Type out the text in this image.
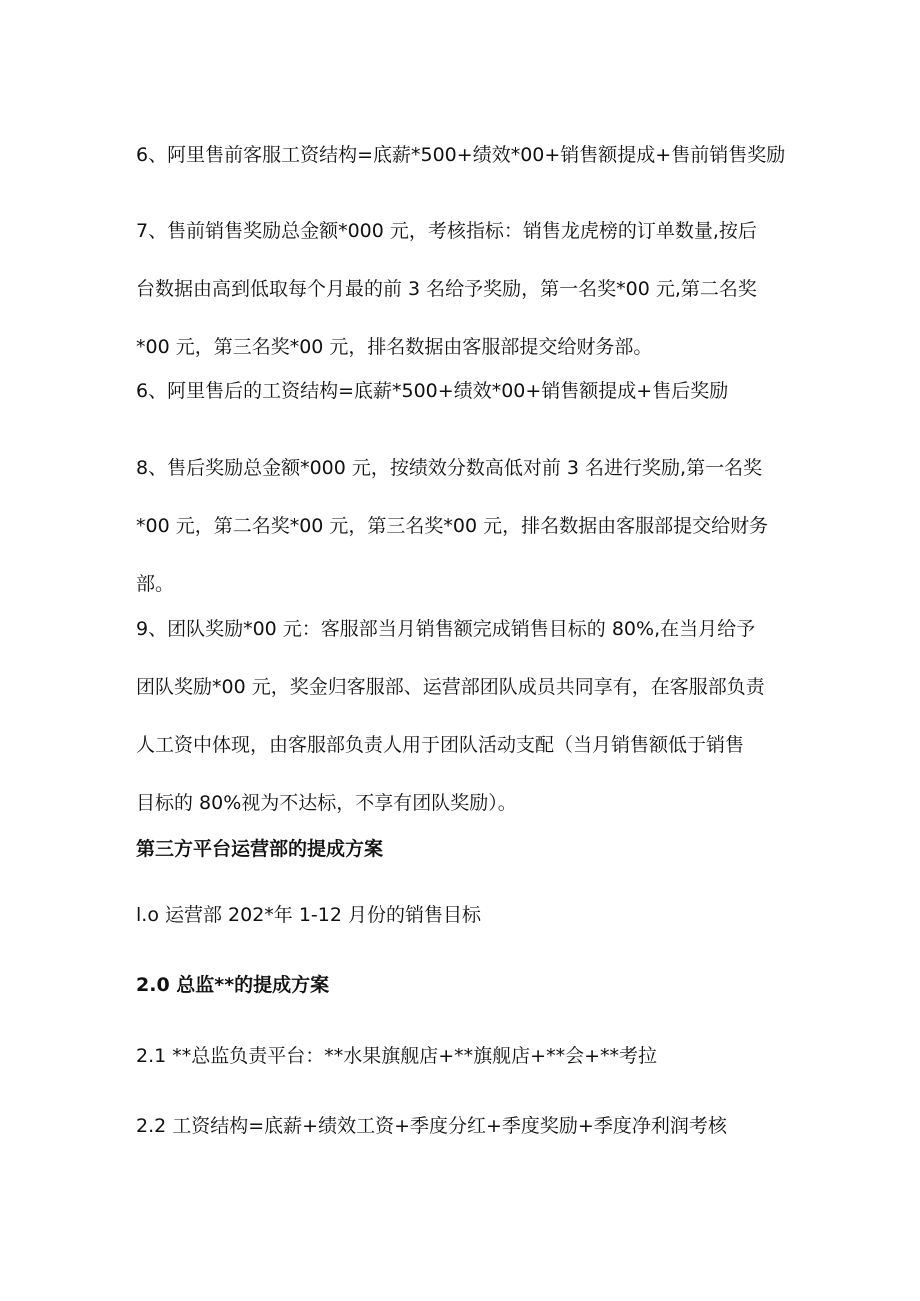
6、阿里售前客服工资结构=底薪*500+绩效*00+销售额提成+售前销售奖励

7、售前销售奖励总金额*000 元，考核指标：销售龙虎榜的订单数量,按后
台数据由高到低取每个月最的前 3 名给予奖励，第一名奖*00 元,第二名奖
*00 元，第三名奖*00 元，排名数据由客服部提交给财务部。

6、阿里售后的工资结构=底薪*500+绩效*00+销售额提成+售后奖励

8、售后奖励总金额*000 元，按绩效分数高低对前 3 名进行奖励,第一名奖
*00 元，第二名奖*00 元，第三名奖*00 元，排名数据由客服部提交给财务
部。

9、团队奖励*00 元：客服部当月销售额完成销售目标的 80%,在当月给予
团队奖励*00 元，奖金归客服部、运营部团队成员共同享有，在客服部负责
人工资中体现，由客服部负责人用于团队活动支配（当月销售额低于销售
目标的 80%视为不达标，不享有团队奖励）。

第三方平台运营部的提成方案

l.o 运营部 202*年 1-12 月份的销售目标

2.0 总监**的提成方案

2.1 **总监负责平台：**水果旗舰店+**旗舰店+**会+**考拉

2.2 工资结构=底薪+绩效工资+季度分红+季度奖励+季度净利润考核
